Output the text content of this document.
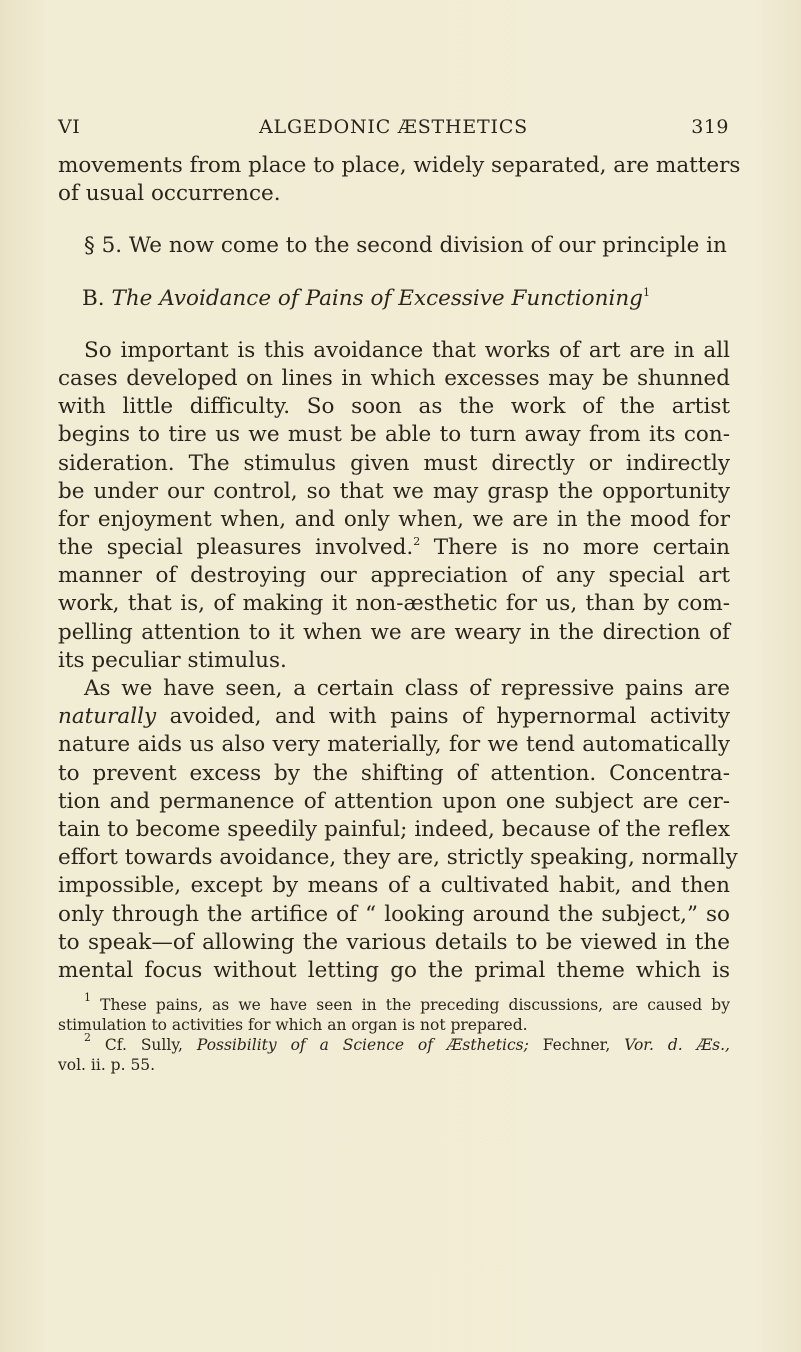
VI	ALGEDONIC ÆSTHETICS	319
movements from place to place, widely separated, are matters
of usual occurrence.
§ 5. We now come to the second division of our principle in
B. The Avoidance of Pains of Excessive Functioning$^1$
So important is this avoidance that works of art are in all
cases developed on lines in which excesses may be shunned
with little difficulty. So soon as the work of the artist
begins to tire us we must be able to turn away from its con-
sideration. The stimulus given must directly or indirectly
be under our control, so that we may grasp the opportunity
for enjoyment when, and only when, we are in the mood for
the special pleasures involved.$^2$ There is no more certain
manner of destroying our appreciation of any special art
work, that is, of making it non-æsthetic for us, than by com-
pelling attention to it when we are weary in the direction of
its peculiar stimulus.
As we have seen, a certain class of repressive pains are
naturally avoided, and with pains of hypernormal activity
nature aids us also very materially, for we tend automatically
to prevent excess by the shifting of attention. Concentra-
tion and permanence of attention upon one subject are cer-
tain to become speedily painful; indeed, because of the reflex
effort towards avoidance, they are, strictly speaking, normally
impossible, except by means of a cultivated habit, and then
only through the artifice of “ looking around the subject,” so
to speak—of allowing the various details to be viewed in the
mental focus without letting go the primal theme which is
$^1$ These pains, as we have seen in the preceding discussions, are caused by
stimulation to activities for which an organ is not prepared.
$^2$ Cf. Sully, Possibility of a Science of Æsthetics; Fechner, Vor. d. Æs.,
vol. ii. p. 55.
